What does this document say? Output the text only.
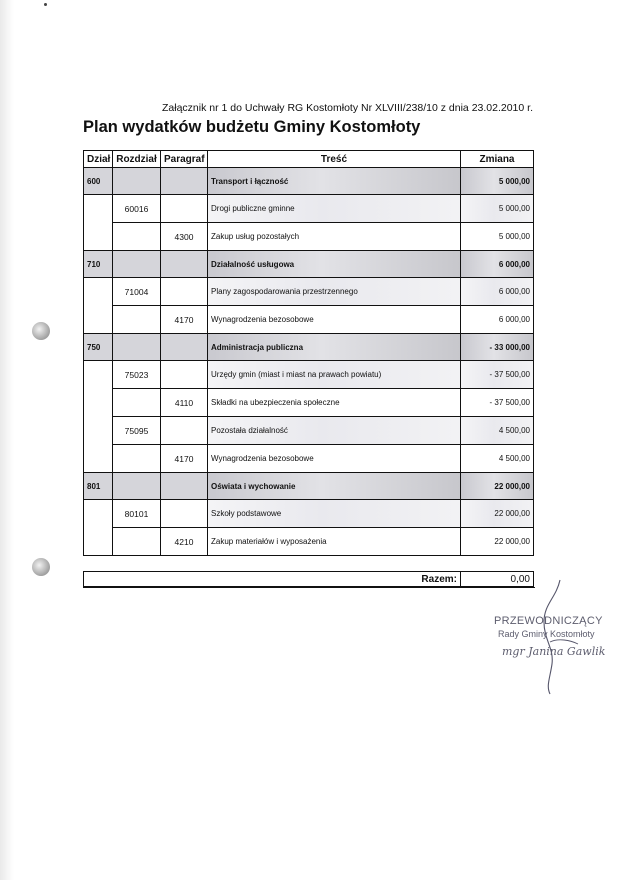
Załącznik nr 1 do Uchwały RG Kostomłoty Nr XLVIII/238/10 z dnia 23.02.2010 r.
Plan wydatków budżetu Gminy Kostomłoty
Dział	Rozdział	Paragraf	Treść	Zmiana
600			Transport i łączność	5 000,00
	60016		Drogi publiczne gminne	5 000,00
		4300	Zakup usług pozostałych	5 000,00
710			Działalność usługowa	6 000,00
	71004		Plany zagospodarowania przestrzennego	6 000,00
		4170	Wynagrodzenia bezosobowe	6 000,00
750			Administracja publiczna	- 33 000,00
	75023		Urzędy gmin (miast i miast na prawach powiatu)	- 37 500,00
		4110	Składki na ubezpieczenia społeczne	- 37 500,00
	75095		Pozostała działalność	4 500,00
		4170	Wynagrodzenia bezosobowe	4 500,00
801			Oświata i wychowanie	22 000,00
	80101		Szkoły podstawowe	22 000,00
		4210	Zakup materiałów i wyposażenia	22 000,00
Razem:	0,00
PRZEWODNICZĄCY
Rady Gminy Kostomłoty
mgr Janina Gawlik
